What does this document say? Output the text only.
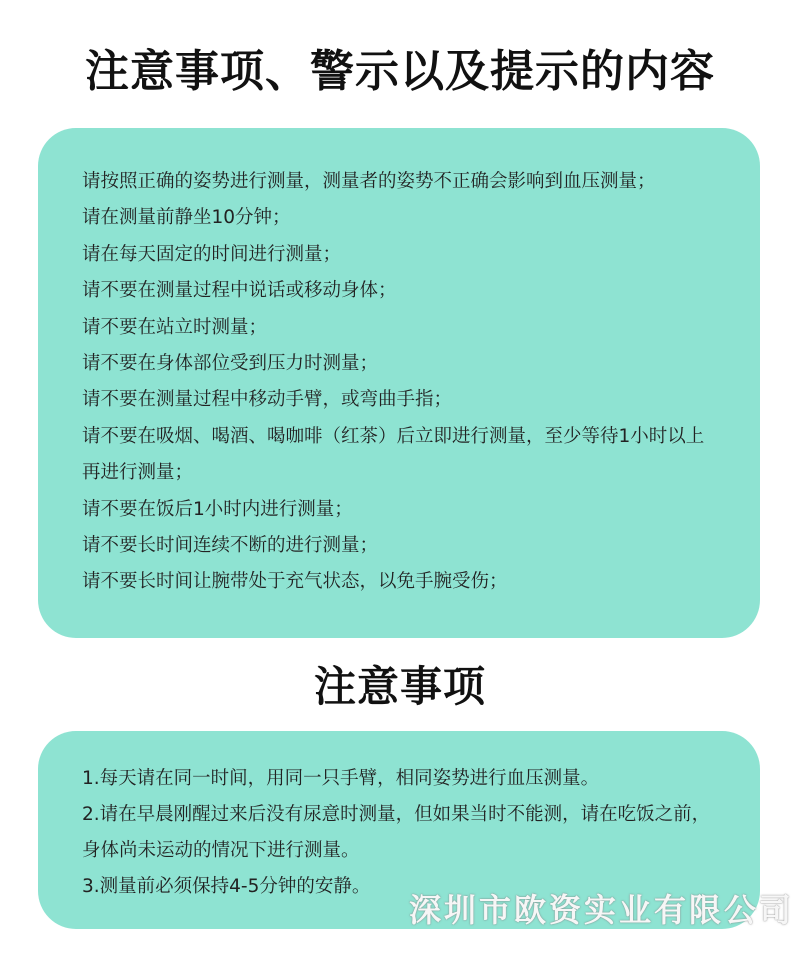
注意事项、警示以及提示的内容

请按照正确的姿势进行测量，测量者的姿势不正确会影响到血压测量；

请在测量前静坐10分钟；

请在每天固定的时间进行测量；

请不要在测量过程中说话或移动身体；

请不要在站立时测量；

请不要在身体部位受到压力时测量；

请不要在测量过程中移动手臂，或弯曲手指；

请不要在吸烟、喝酒、喝咖啡（红茶）后立即进行测量，至少等待1小时以上再进行测量；

请不要在饭后1小时内进行测量；

请不要长时间连续不断的进行测量；

请不要长时间让腕带处于充气状态，以免手腕受伤；

注意事项

1.每天请在同一时间，用同一只手臂，相同姿势进行血压测量。

2.请在早晨刚醒过来后没有尿意时测量，但如果当时不能测，请在吃饭之前，身体尚未运动的情况下进行测量。

3.测量前必须保持4-5分钟的安静。

深圳市欧资实业有限公司
